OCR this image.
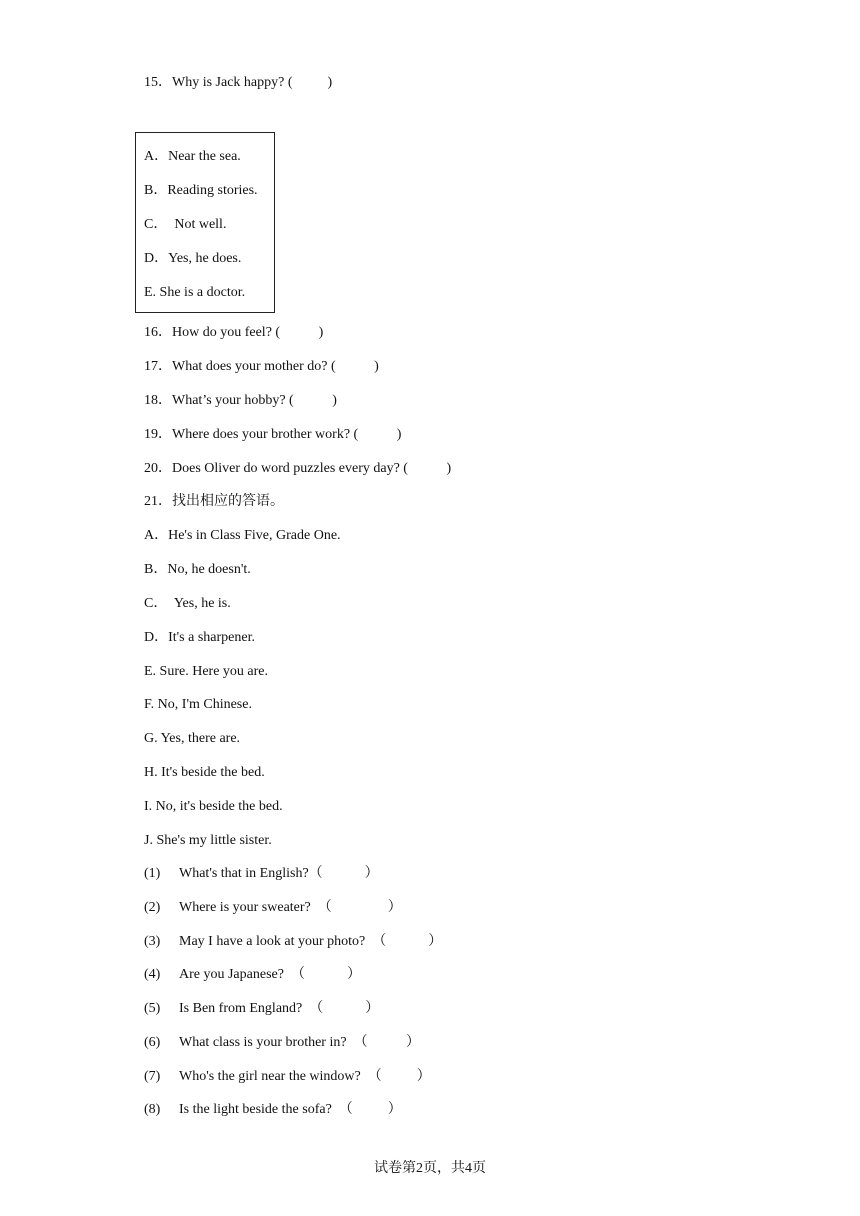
15．Why is Jack happy? (          )
A．Near the sea.
B．Reading stories.
C．  Not well.
D．Yes, he does.
E. She is a doctor.
16．How do you feel? (           )
17．What does your mother do? (           )
18．What’s your hobby? (           )
19．Where does your brother work? (           )
20．Does Oliver do word puzzles every day? (           )
21．找出相应的答语。
A．He's in Class Five, Grade One.
B．No, he doesn't.
C．  Yes, he is.
D．It's a sharpener.
E. Sure. Here you are.
F. No, I'm Chinese.
G. Yes, there are.
H. It's beside the bed.
I. No, it's beside the bed.
J. She's my little sister.
(1) What's that in English?（            ）
(2) Where is your sweater?  （                ）
(3) May I have a look at your photo?  （            ）
(4) Are you Japanese?  （            ）
(5) Is Ben from England?  （            ）
(6) What class is your brother in?  （           ）
(7) Who's the girl near the window?  （          ）
(8) Is the light beside the sofa?  （          ）
试卷第2页，共4页
